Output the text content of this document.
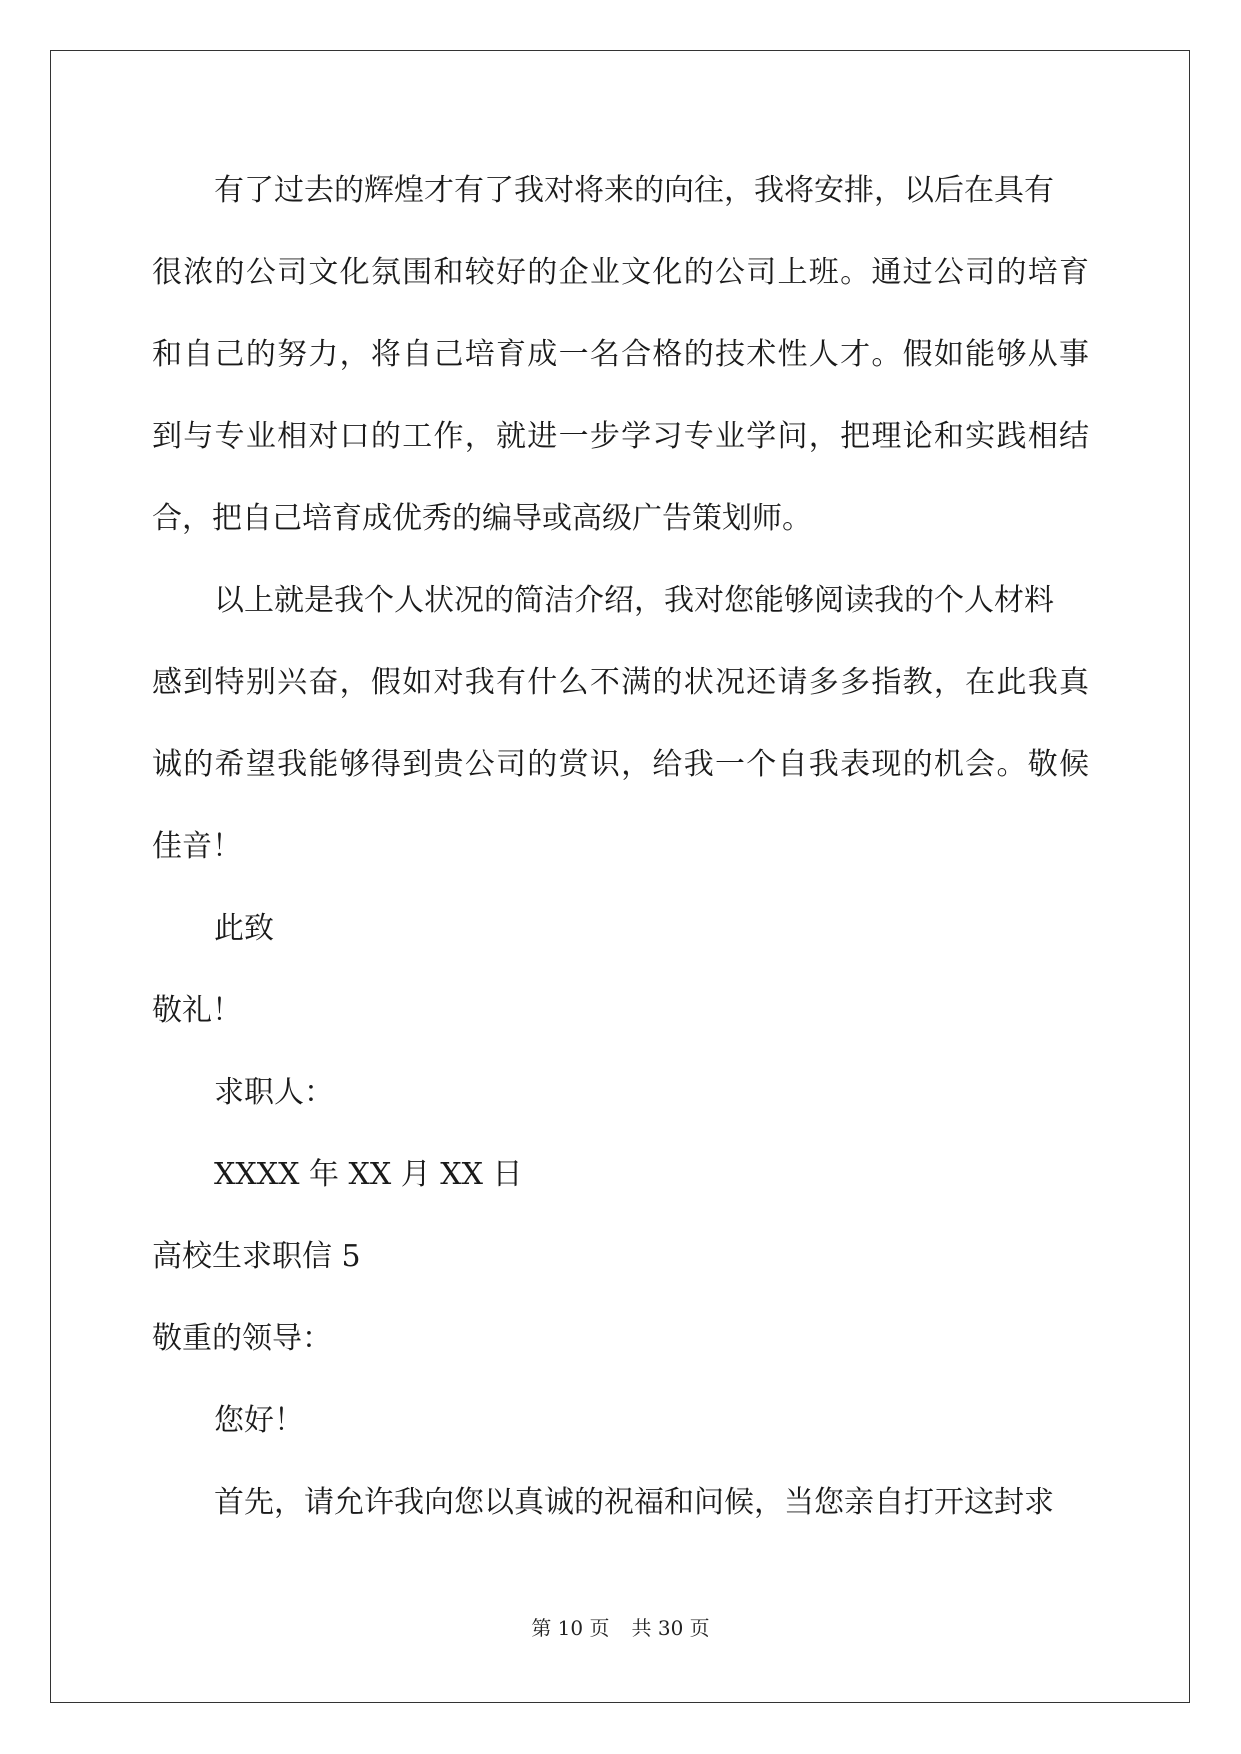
有了过去的辉煌才有了我对将来的向往，我将安排，以后在具有
很浓的公司文化氛围和较好的企业文化的公司上班。通过公司的培育
和自己的努力，将自己培育成一名合格的技术性人才。假如能够从事
到与专业相对口的工作，就进一步学习专业学问，把理论和实践相结
合，把自己培育成优秀的编导或高级广告策划师。
以上就是我个人状况的简洁介绍，我对您能够阅读我的个人材料
感到特别兴奋，假如对我有什么不满的状况还请多多指教，在此我真
诚的希望我能够得到贵公司的赏识，给我一个自我表现的机会。敬候
佳音！
此致
敬礼！
求职人：
XXXX 年 XX 月 XX 日
高校生求职信 5
敬重的领导：
您好！
首先，请允许我向您以真诚的祝福和问候，当您亲自打开这封求
第 10 页 共 30 页
